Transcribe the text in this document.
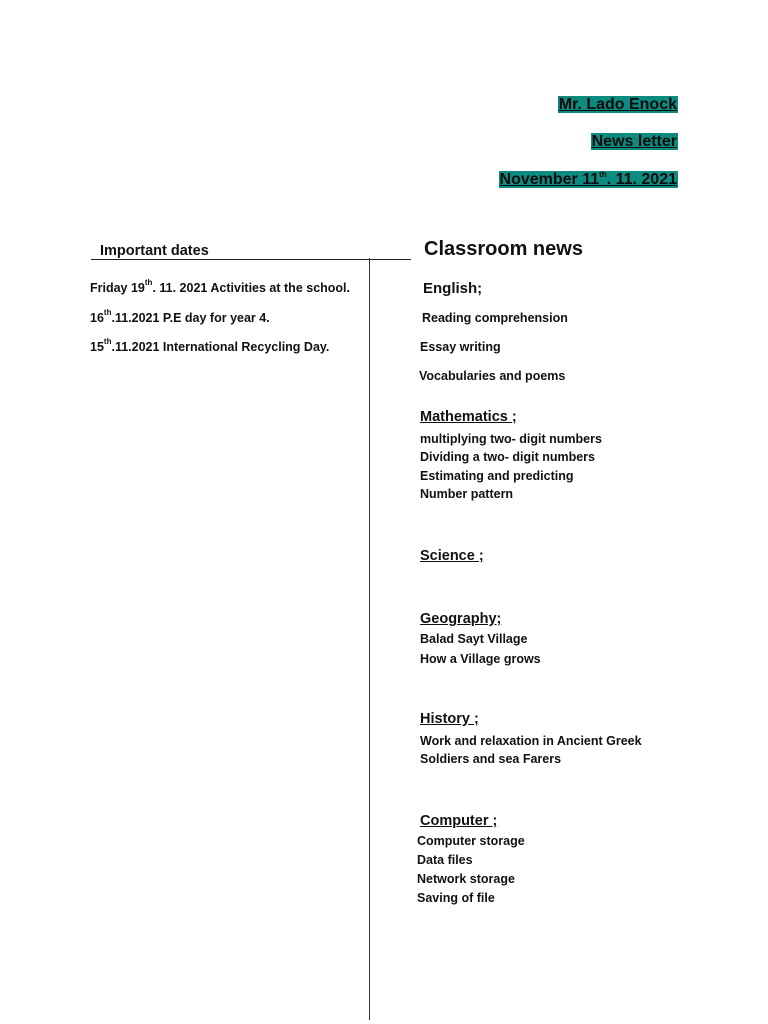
Mr. Lado Enock
News letter
November 11th. 11. 2021
Important dates
Friday 19th. 11. 2021 Activities at the school.
16th.11.2021 P.E day for year 4.
15th.11.2021 International Recycling Day.
Classroom news
English;
Reading comprehension
Essay writing
Vocabularies and poems
Mathematics ;
multiplying two- digit numbers
Dividing a two- digit numbers
Estimating and predicting
Number pattern
Science ;
Geography;
Balad Sayt Village
How a Village grows
History ;
Work and relaxation in Ancient Greek
Soldiers and sea Farers
Computer ;
Computer storage
Data files
Network storage
Saving of file
